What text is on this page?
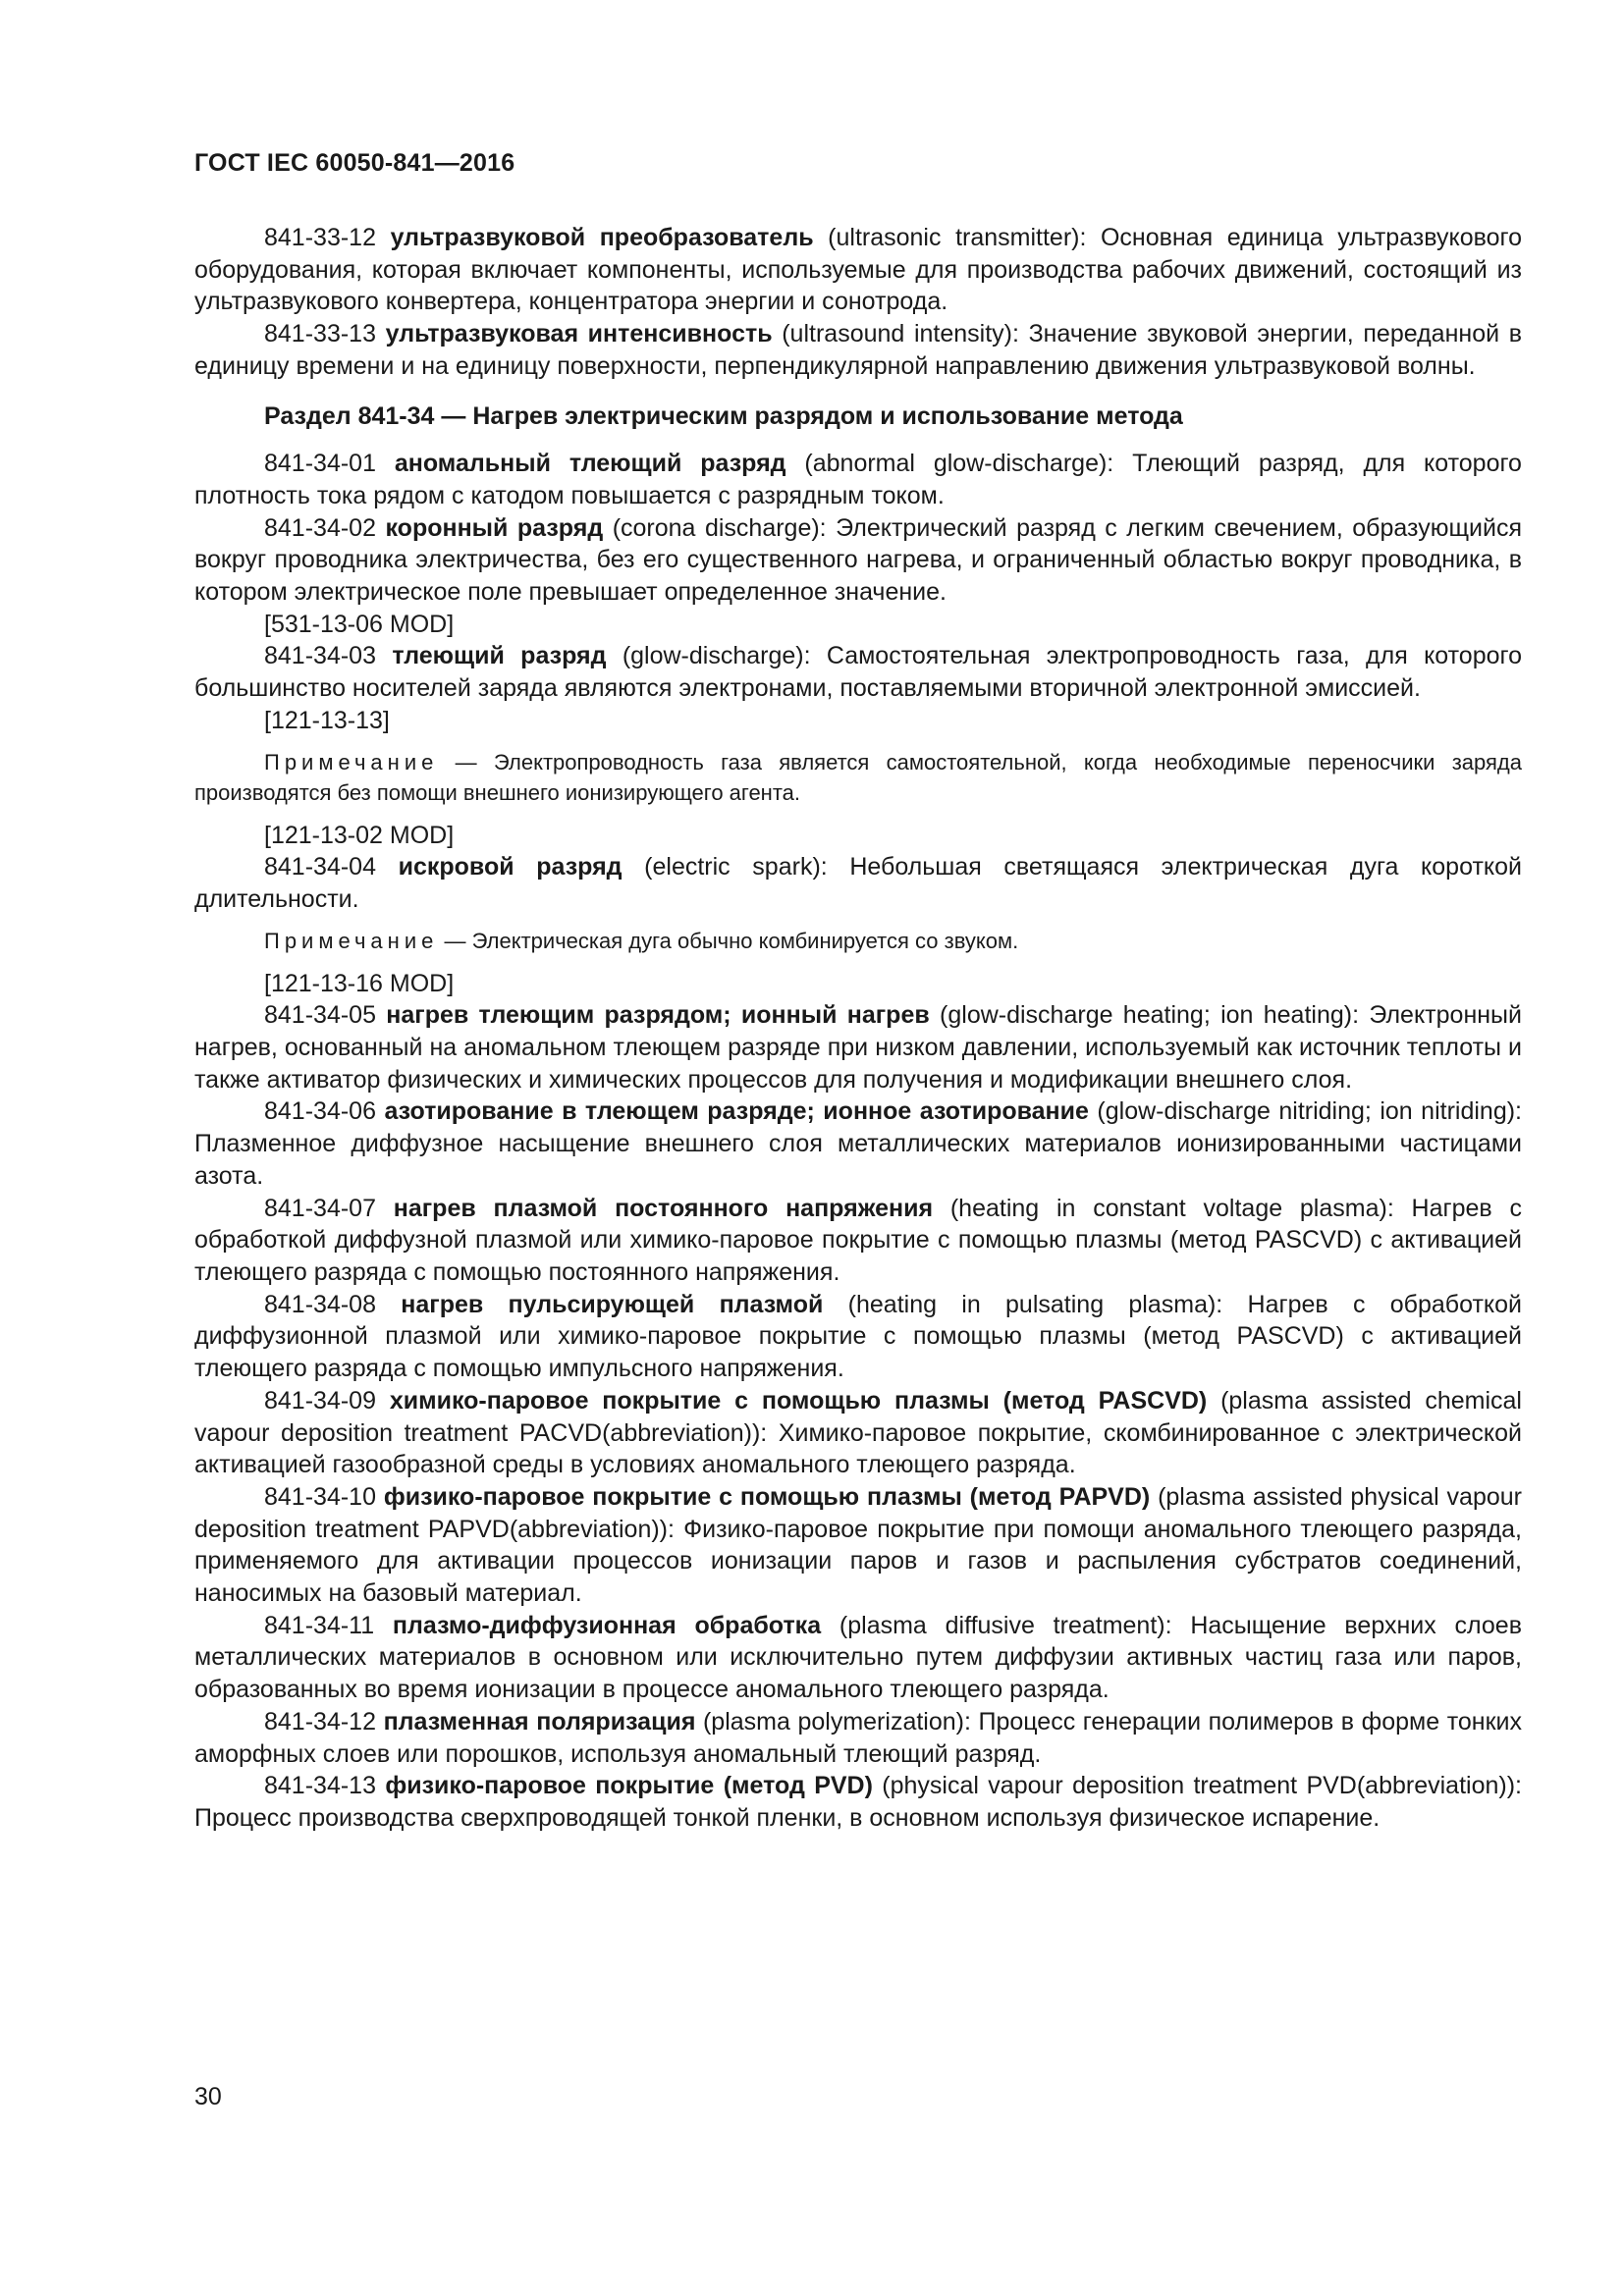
ГОСТ IEC 60050-841—2016

841-33-12 ультразвуковой преобразователь (ultrasonic transmitter): Основная единица ультразвукового оборудования, которая включает компоненты, используемые для производства рабочих движений, состоящий из ультразвукового конвертера, концентратора энергии и сонотрода.

841-33-13 ультразвуковая интенсивность (ultrasound intensity): Значение звуковой энергии, переданной в единицу времени и на единицу поверхности, перпендикулярной направлению движения ультразвуковой волны.

Раздел 841-34 — Нагрев электрическим разрядом и использование метода

841-34-01 аномальный тлеющий разряд (abnormal glow-discharge): Тлеющий разряд, для которого плотность тока рядом с катодом повышается с разрядным током.

841-34-02 коронный разряд (corona discharge): Электрический разряд с легким свечением, образующийся вокруг проводника электричества, без его существенного нагрева, и ограниченный областью вокруг проводника, в котором электрическое поле превышает определенное значение.

[531-13-06 MOD]

841-34-03 тлеющий разряд (glow-discharge): Самостоятельная электропроводность газа, для которого большинство носителей заряда являются электронами, поставляемыми вторичной электронной эмиссией.

[121-13-13]

Примечание — Электропроводность газа является самостоятельной, когда необходимые переносчики заряда производятся без помощи внешнего ионизирующего агента.

[121-13-02 MOD]

841-34-04 искровой разряд (electric spark): Небольшая светящаяся электрическая дуга короткой длительности.

Примечание — Электрическая дуга обычно комбинируется со звуком.

[121-13-16 MOD]

841-34-05 нагрев тлеющим разрядом; ионный нагрев (glow-discharge heating; ion heating): Электронный нагрев, основанный на аномальном тлеющем разряде при низком давлении, используемый как источник теплоты и также активатор физических и химических процессов для получения и модификации внешнего слоя.

841-34-06 азотирование в тлеющем разряде; ионное азотирование (glow-discharge nitriding; ion nitriding): Плазменное диффузное насыщение внешнего слоя металлических материалов ионизированными частицами азота.

841-34-07 нагрев плазмой постоянного напряжения (heating in constant voltage plasma): Нагрев с обработкой диффузной плазмой или химико-паровое покрытие с помощью плазмы (метод PASCVD) с активацией тлеющего разряда с помощью постоянного напряжения.

841-34-08 нагрев пульсирующей плазмой (heating in pulsating plasma): Нагрев с обработкой диффузионной плазмой или химико-паровое покрытие с помощью плазмы (метод PASCVD) с активацией тлеющего разряда с помощью импульсного напряжения.

841-34-09 химико-паровое покрытие с помощью плазмы (метод PASCVD) (plasma assisted chemical vapour deposition treatment PACVD(abbreviation)): Химико-паровое покрытие, скомбинированное с электрической активацией газообразной среды в условиях аномального тлеющего разряда.

841-34-10 физико-паровое покрытие с помощью плазмы (метод PAPVD) (plasma assisted physical vapour deposition treatment PAPVD(abbreviation)): Физико-паровое покрытие при помощи аномального тлеющего разряда, применяемого для активации процессов ионизации паров и газов и распыления субстратов соединений, наносимых на базовый материал.

841-34-11 плазмо-диффузионная обработка (plasma diffusive treatment): Насыщение верхних слоев металлических материалов в основном или исключительно путем диффузии активных частиц газа или паров, образованных во время ионизации в процессе аномального тлеющего разряда.

841-34-12 плазменная поляризация (plasma polymerization): Процесс генерации полимеров в форме тонких аморфных слоев или порошков, используя аномальный тлеющий разряд.

841-34-13 физико-паровое покрытие (метод PVD) (physical vapour deposition treatment PVD(abbreviation)): Процесс производства сверхпроводящей тонкой пленки, в основном используя физическое испарение.

30
